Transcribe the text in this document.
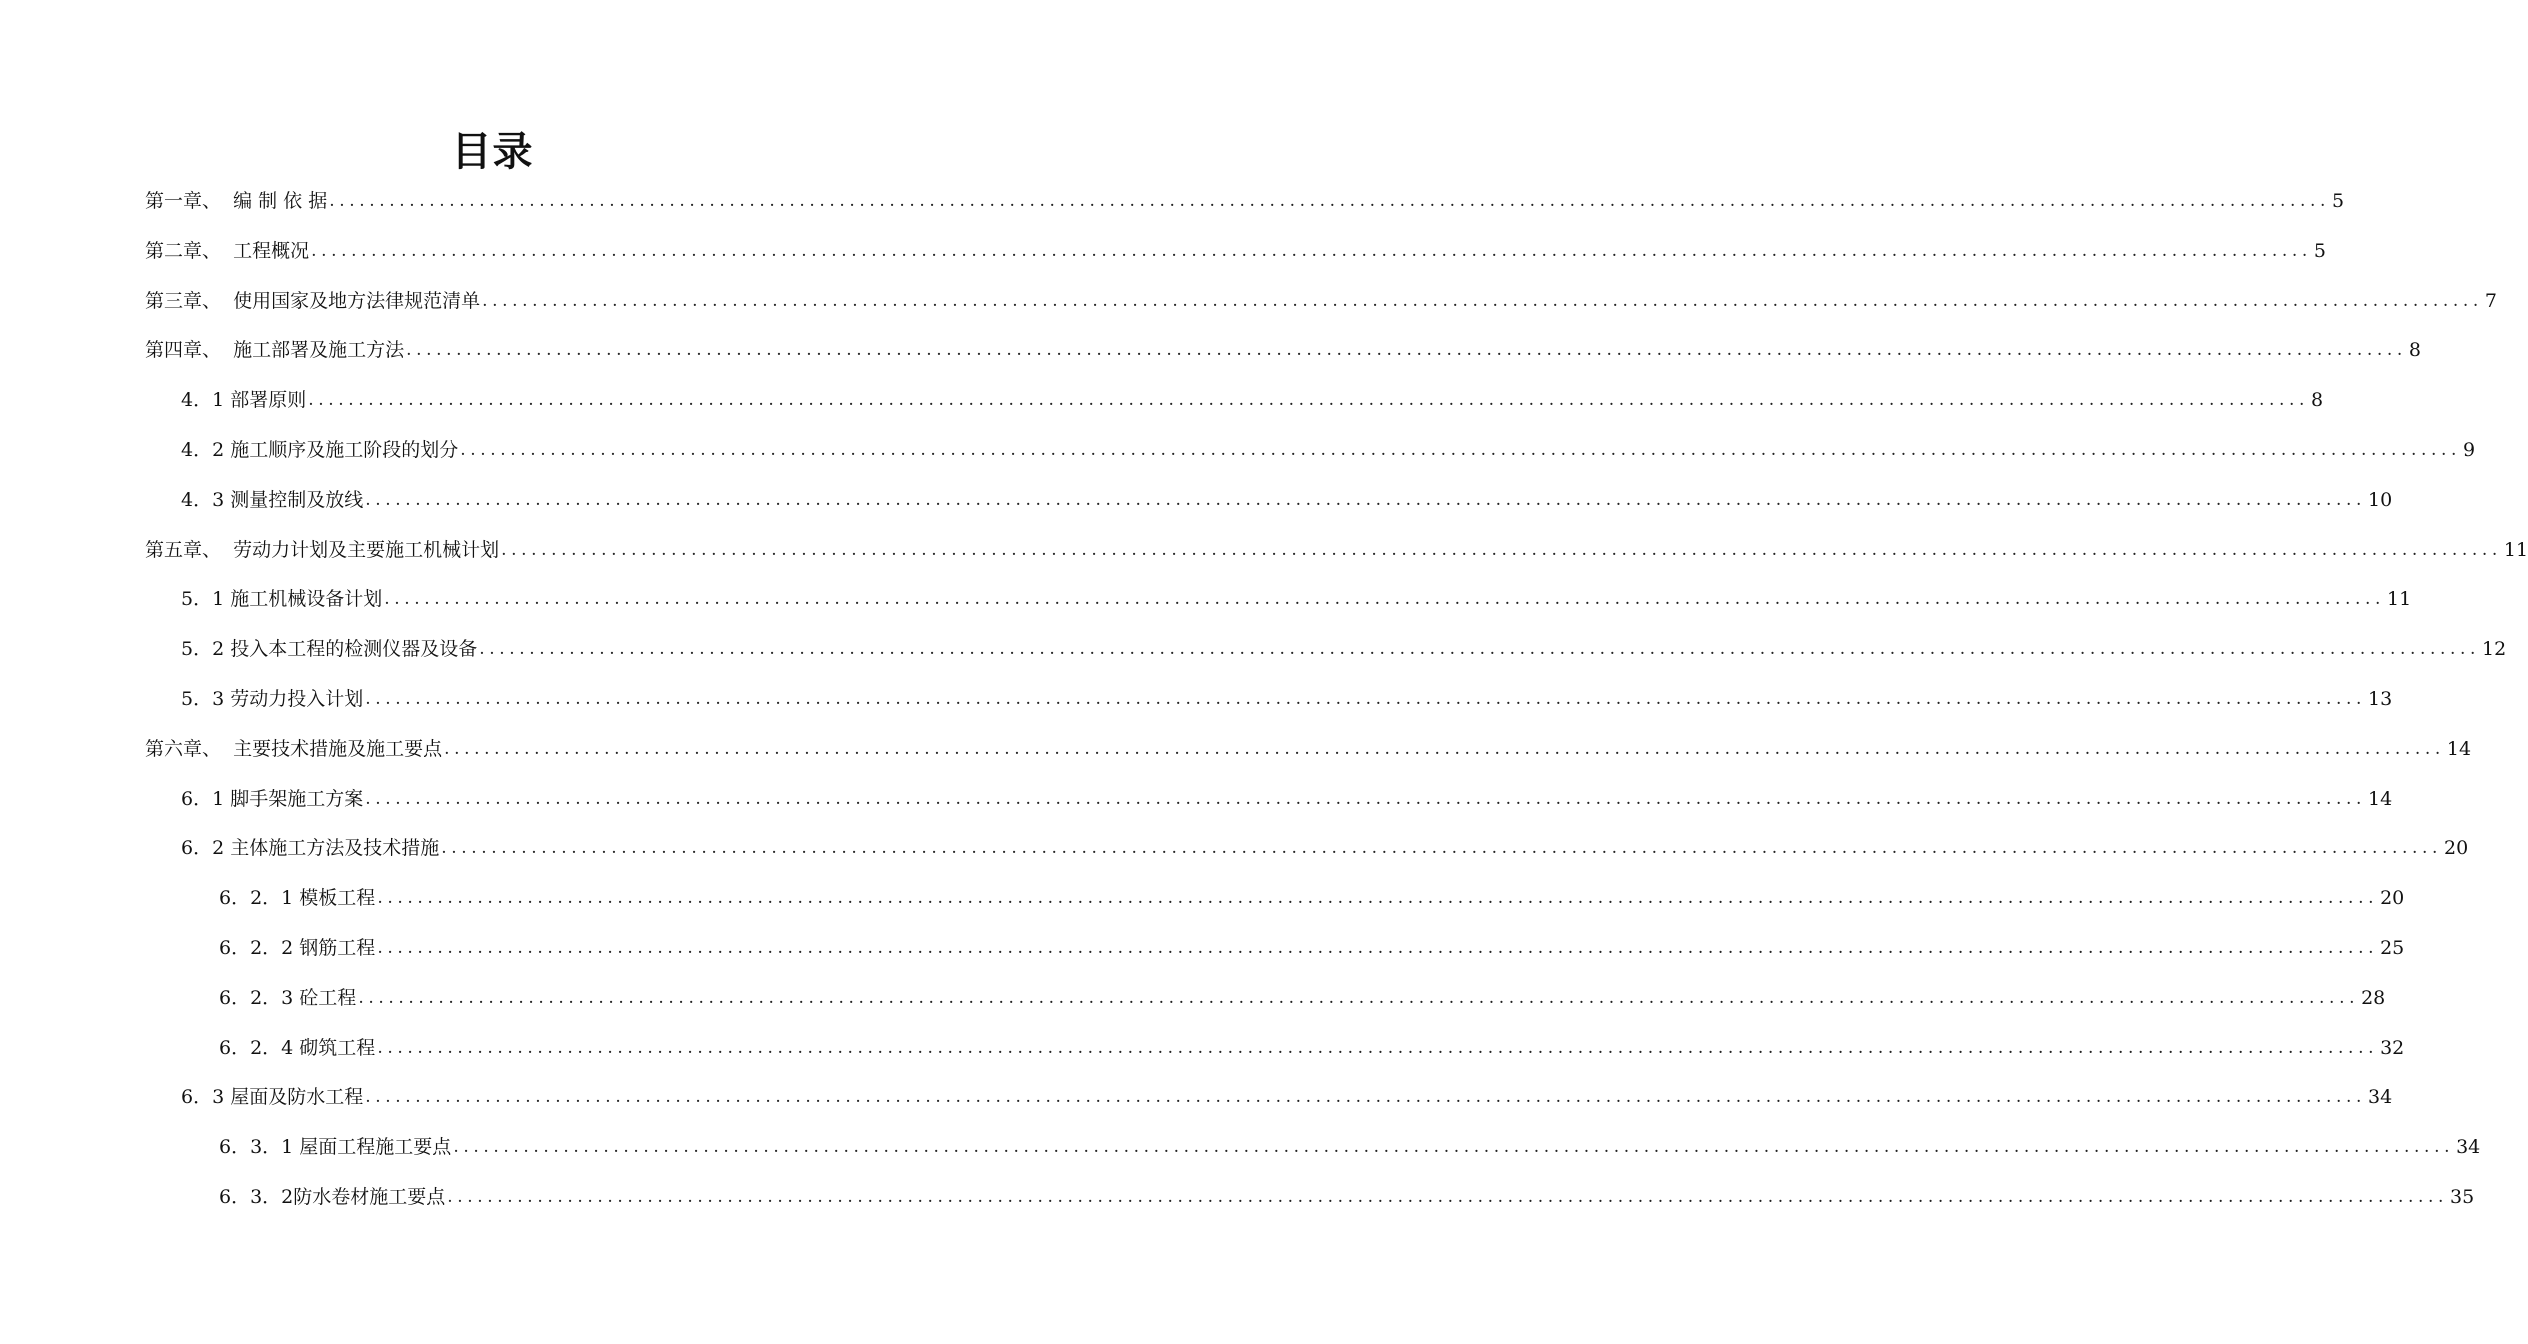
目录
第一章、  编 制 依 据 ........................................................................................................................................................................................................ 5
第二章、  工程概况 ........................................................................................................................................................................................................ 5
第三章、  使用国家及地方法律规范清单 ........................................................................................................................................................................................................ 7
第四章、  施工部署及施工方法 ........................................................................................................................................................................................................ 8
4．1 部署原则 ........................................................................................................................................................................................................ 8
4．2 施工顺序及施工阶段的划分 ........................................................................................................................................................................................................ 9
4．3 测量控制及放线 ........................................................................................................................................................................................................ 10
第五章、  劳动力计划及主要施工机械计划 ........................................................................................................................................................................................................ 11
5．1 施工机械设备计划 ........................................................................................................................................................................................................ 11
5．2 投入本工程的检测仪器及设备 ........................................................................................................................................................................................................ 12
5．3 劳动力投入计划 ........................................................................................................................................................................................................ 13
第六章、  主要技术措施及施工要点 ........................................................................................................................................................................................................ 14
6．1 脚手架施工方案 ........................................................................................................................................................................................................ 14
6．2 主体施工方法及技术措施 ........................................................................................................................................................................................................ 20
6．2．1 模板工程 ........................................................................................................................................................................................................ 20
6．2．2 钢筋工程 ........................................................................................................................................................................................................ 25
6．2．3 砼工程 ........................................................................................................................................................................................................ 28
6．2．4 砌筑工程 ........................................................................................................................................................................................................ 32
6．3 屋面及防水工程 ........................................................................................................................................................................................................ 34
6．3．1 屋面工程施工要点 ........................................................................................................................................................................................................ 34
6．3．2防水卷材施工要点 ........................................................................................................................................................................................................ 35
